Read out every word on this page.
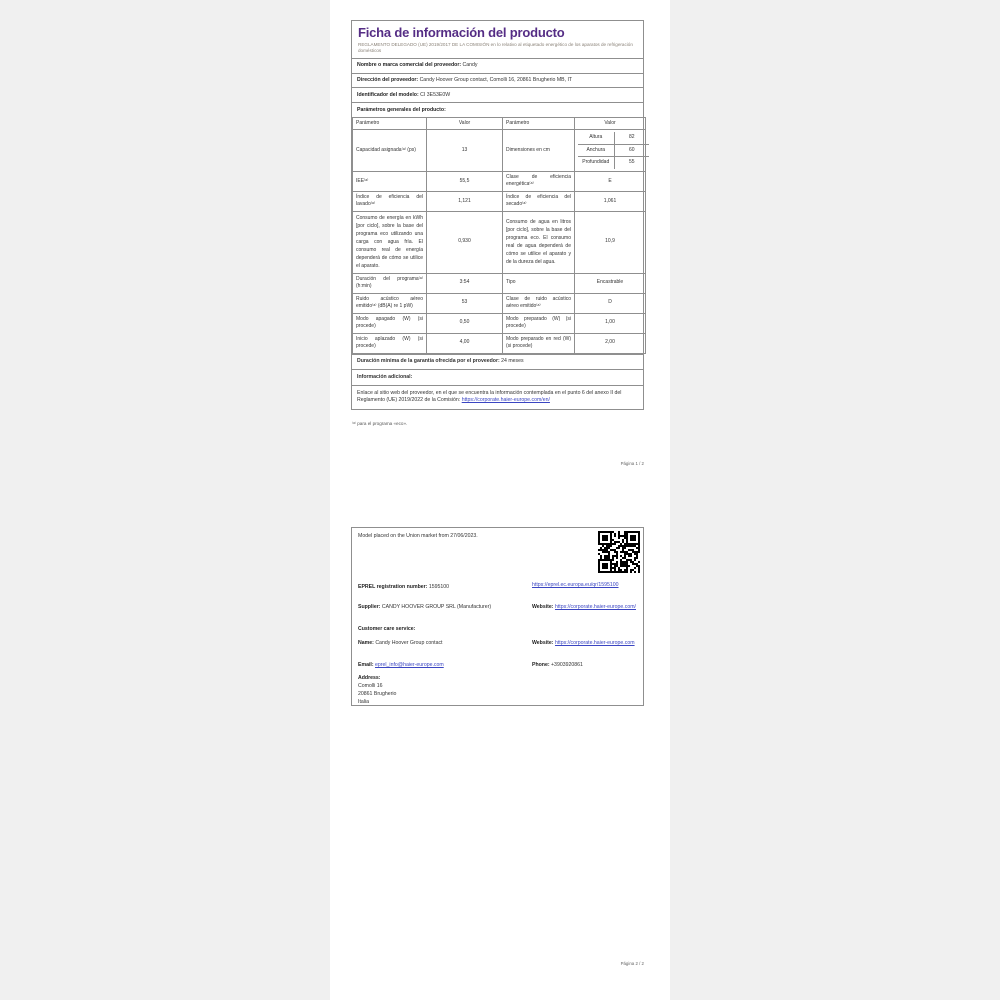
Ficha de información del producto
REGLAMENTO DELEGADO (UE) 2019/2017 DE LA COMISIÓN en lo relativo al etiquetado energético de los aparatos de refrigeración domésticos
Nombre o marca comercial del proveedor: Candy
Dirección del proveedor: Candy Hoover Group contact, Comolli 16, 20861 Brugherio MB, IT
Identificador del modelo: CI 3E53E0W
Parámetros generales del producto:
Parámetro	Valor	Parámetro	Valor
Capacidad asignada⁽ᵃ⁾ (ps)	13	Dimensiones en cm	
Altura	82
Anchura	60
Profundidad	55

IEE⁽ᵃ⁾	55,5	Clase de eficiencia energética⁽ᵃ⁾	E
Índice de eficiencia del lavado⁽ᵃ⁾	1,121	Índice de eficiencia del secado⁽ᵃ⁾	1,061
Consumo de energía en kWh [por ciclo], sobre la base del programa eco utilizando una carga con agua fría. El consumo real de energía dependerá de cómo se utilice el aparato.	0,930	Consumo de agua en litros [por ciclo], sobre la base del programa eco. El consumo real de agua dependerá de cómo se utilice el aparato y de la dureza del agua.	10,9
Duración del programa⁽ᵃ⁾ (h:min)	3:54	Tipo	Encastrable
Ruido acústico aéreo emitido⁽ᵃ⁾ (dB(A) re 1 pW)	53	Clase de ruido acústico aéreo emitido⁽ᵃ⁾	D
Modo apagado (W) (si procede)	0,50	Modo preparado (W) (si procede)	1,00
Inicio aplazado (W) (si procede)	4,00	Modo preparado en red (W) (si procede)	2,00
Duración mínima de la garantía ofrecida por el proveedor: 24 meses
Información adicional:
Enlace al sitio web del proveedor, en el que se encuentra la información contemplada en el punto 6 del anexo II del Reglamento (UE) 2019/2022 de la Comisión: https://corporate.haier-europe.com/en/
⁽ᵃ⁾ para el programa «eco».
Página 1 / 2
Model placed on the Union market from 27/06/2023.
EPREL registration number: 1595100	https://eprel.ec.europa.eu/qr/1595100
Supplier: CANDY HOOVER GROUP SRL (Manufacturer)	Website: https://corporate.haier-europe.com/
Customer care service:
Name: Candy Hoover Group contact	Website: https://corporate.haier-europe.com
Email: eprel_info@haier-europe.com	Phone: +3903920861
Address:
Comolli 16
20861 Brugherio
Italia
Página 2 / 2
